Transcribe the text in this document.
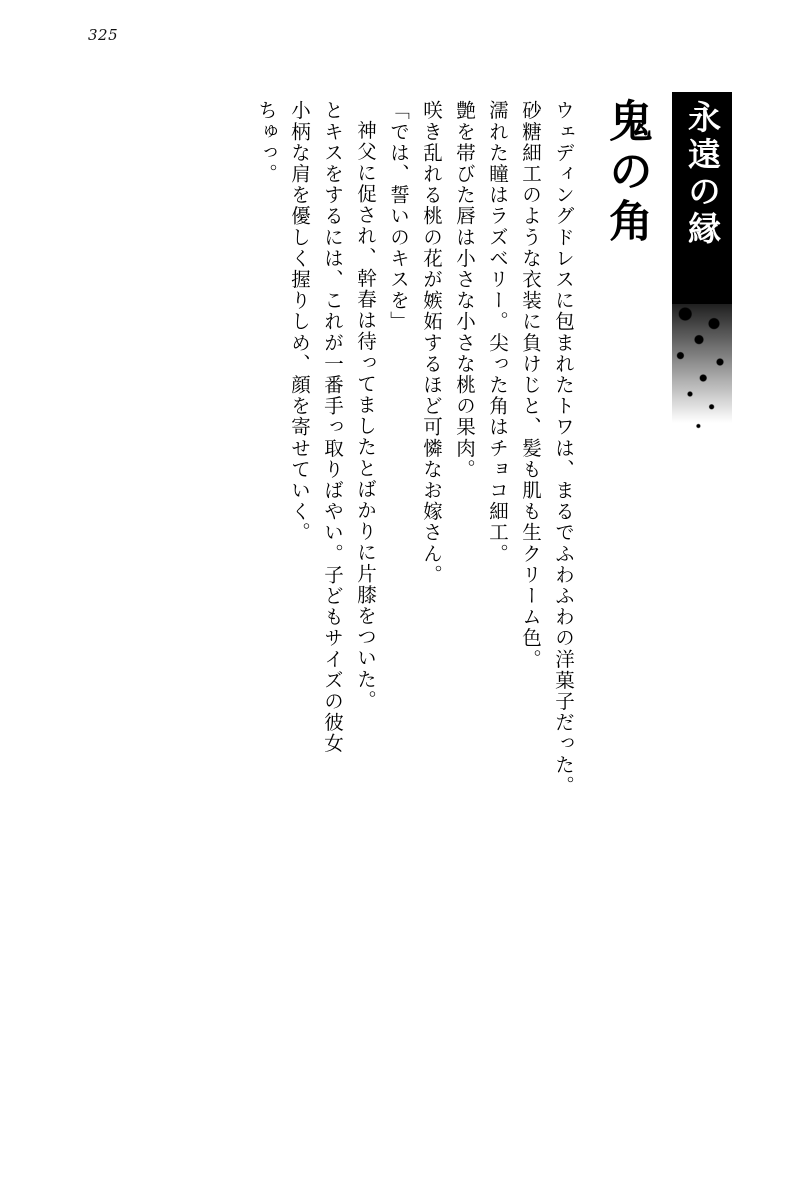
325
永遠の縁
鬼の角
ウェディングドレスに包まれたトワは、まるでふわふわの洋菓子だった。
砂糖細工のような衣装に負けじと、髪も肌も生クリーム色。
濡れた瞳はラズベリー。尖った角はチョコ細工。
艶を帯びた唇は小さな小さな桃の果肉。
咲き乱れる桃の花が嫉妬するほど可憐なお嫁さん。
「では、誓いのキスを」
神父に促され、幹春は待ってましたとばかりに片膝をついた。
とキスをするには、これが一番手っ取りばやい。子どもサイズの彼女
小柄な肩を優しく握りしめ、顔を寄せていく。
ちゅっ。
